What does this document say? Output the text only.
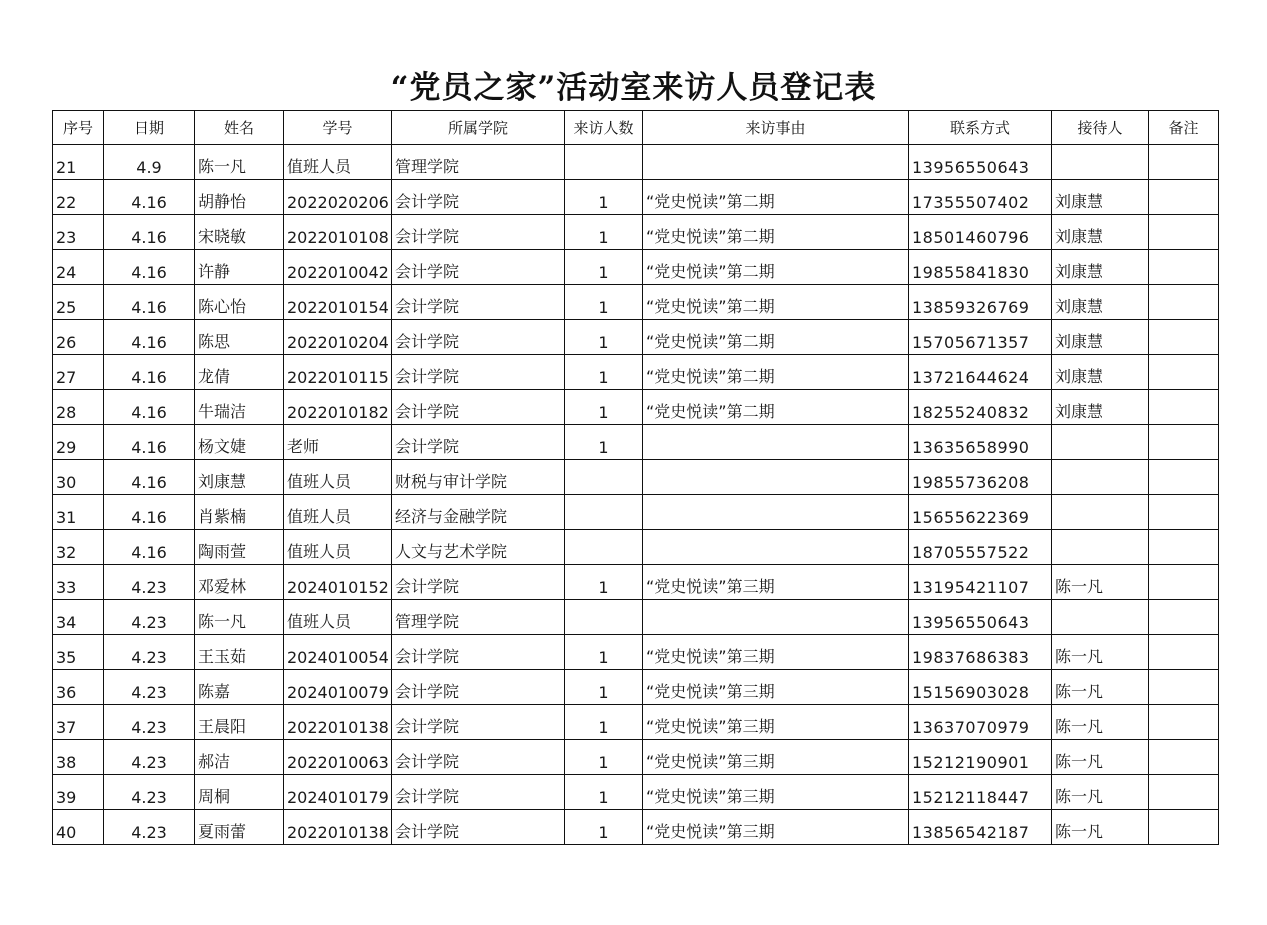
“党员之家”活动室来访人员登记表
序号	日期	姓名	学号	所属学院	来访人数	来访事由	联系方式	接待人	备注
21	4.9	陈一凡	值班人员	管理学院			13956550643		
22	4.16	胡静怡	2022020206	会计学院	1	“党史悦读”第二期	17355507402	刘康慧	
23	4.16	宋晓敏	2022010108	会计学院	1	“党史悦读”第二期	18501460796	刘康慧	
24	4.16	许静	2022010042	会计学院	1	“党史悦读”第二期	19855841830	刘康慧	
25	4.16	陈心怡	2022010154	会计学院	1	“党史悦读”第二期	13859326769	刘康慧	
26	4.16	陈思	2022010204	会计学院	1	“党史悦读”第二期	15705671357	刘康慧	
27	4.16	龙倩	2022010115	会计学院	1	“党史悦读”第二期	13721644624	刘康慧	
28	4.16	牛瑞洁	2022010182	会计学院	1	“党史悦读”第二期	18255240832	刘康慧	
29	4.16	杨文婕	老师	会计学院	1		13635658990		
30	4.16	刘康慧	值班人员	财税与审计学院			19855736208		
31	4.16	肖紫楠	值班人员	经济与金融学院			15655622369		
32	4.16	陶雨萱	值班人员	人文与艺术学院			18705557522		
33	4.23	邓爱林	2024010152	会计学院	1	“党史悦读”第三期	13195421107	陈一凡	
34	4.23	陈一凡	值班人员	管理学院			13956550643		
35	4.23	王玉茹	2024010054	会计学院	1	“党史悦读”第三期	19837686383	陈一凡	
36	4.23	陈嘉	2024010079	会计学院	1	“党史悦读”第三期	15156903028	陈一凡	
37	4.23	王晨阳	2022010138	会计学院	1	“党史悦读”第三期	13637070979	陈一凡	
38	4.23	郝洁	2022010063	会计学院	1	“党史悦读”第三期	15212190901	陈一凡	
39	4.23	周桐	2024010179	会计学院	1	“党史悦读”第三期	15212118447	陈一凡	
40	4.23	夏雨蕾	2022010138	会计学院	1	“党史悦读”第三期	13856542187	陈一凡	
